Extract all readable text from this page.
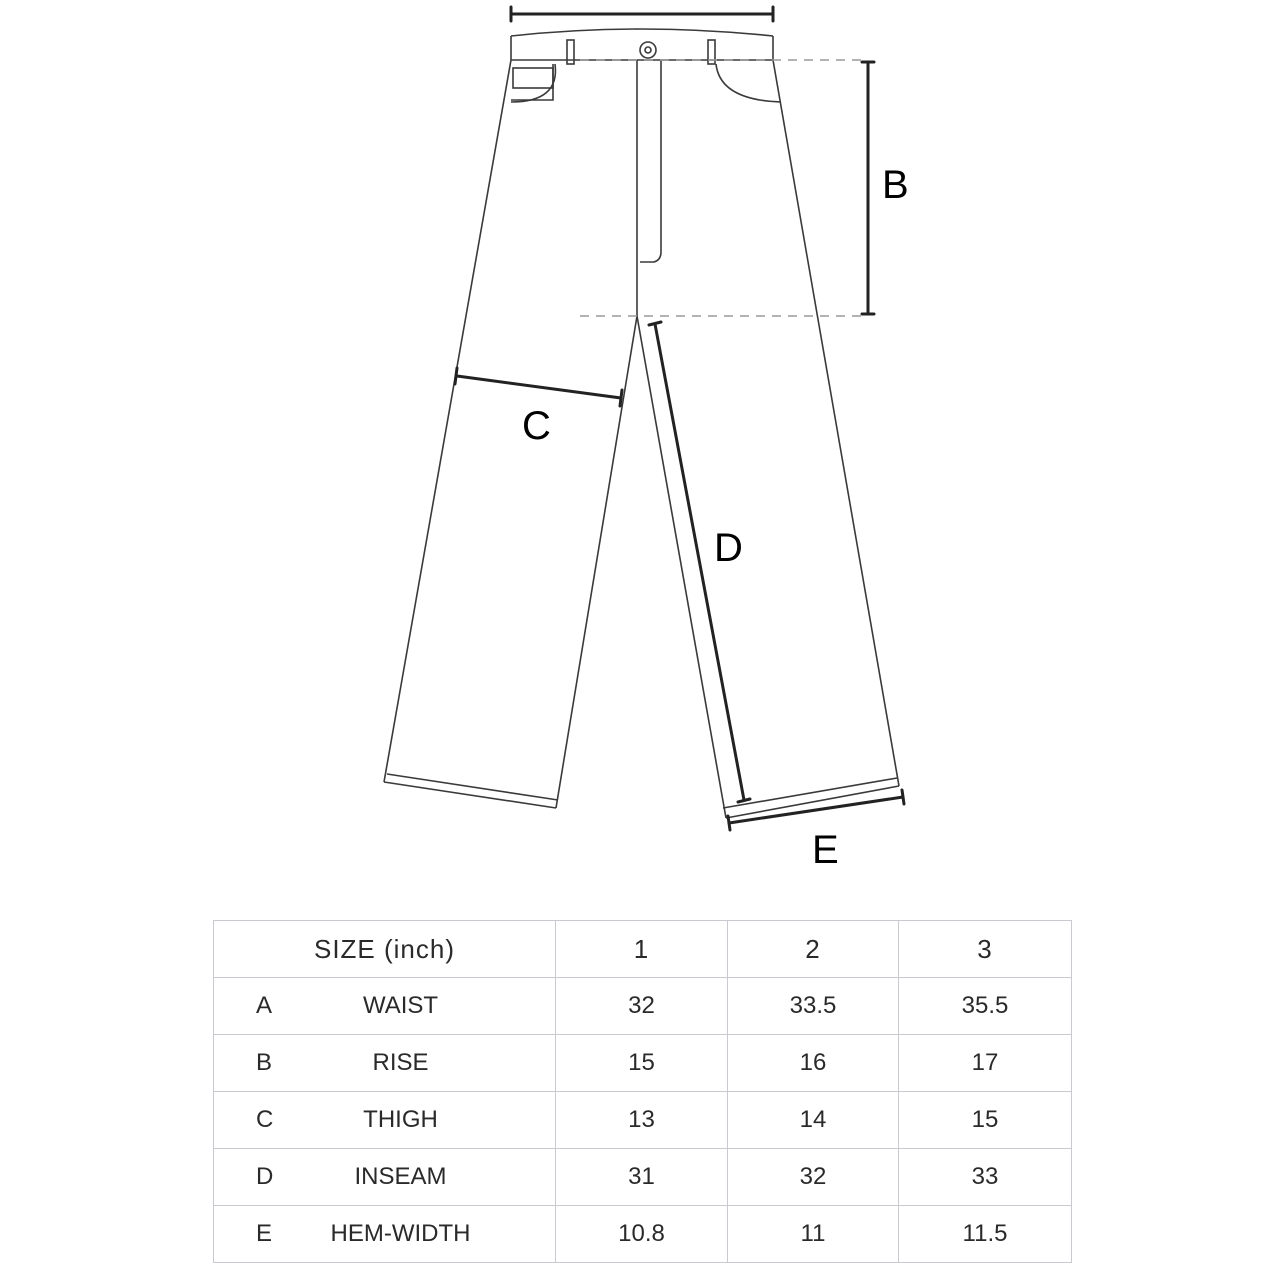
B
C
D
E
SIZE (inch)	1	2	3

A WAIST	32	33.5	35.5

B RISE	15	16	17

C THIGH	13	14	15

D INSEAM	31	32	33

E HEM-WIDTH	10.8	11	11.5
